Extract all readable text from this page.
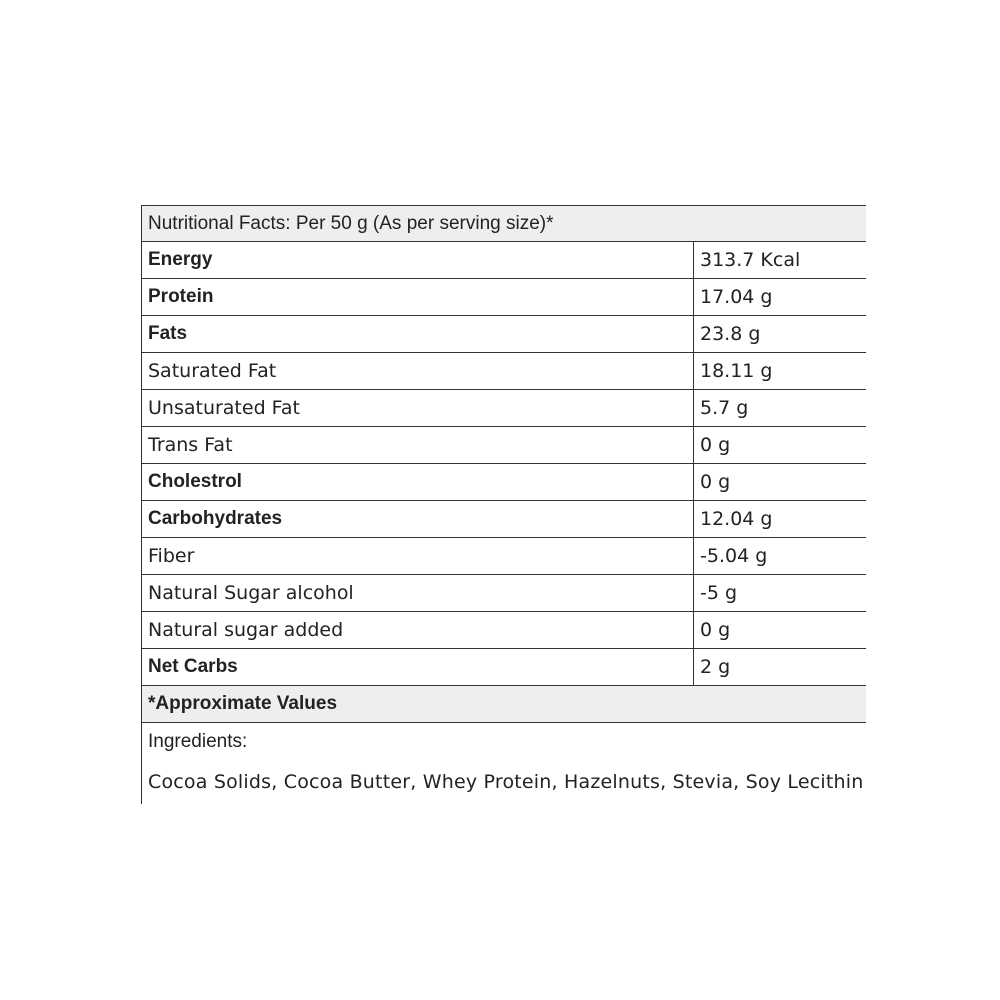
Nutritional Facts: Per 50 g (As per serving size)*
Energy	313.7 Kcal
Protein	17.04 g
Fats	23.8 g
Saturated Fat	18.11 g
Unsaturated Fat	5.7 g
Trans Fat	0 g
Cholestrol	0 g
Carbohydrates	12.04 g
Fiber	-5.04 g
Natural Sugar alcohol	-5 g
Natural sugar added	0 g
Net Carbs	2 g
*Approximate Values
Ingredients:
Cocoa Solids, Cocoa Butter, Whey Protein, Hazelnuts, Stevia, Soy Lecithin
